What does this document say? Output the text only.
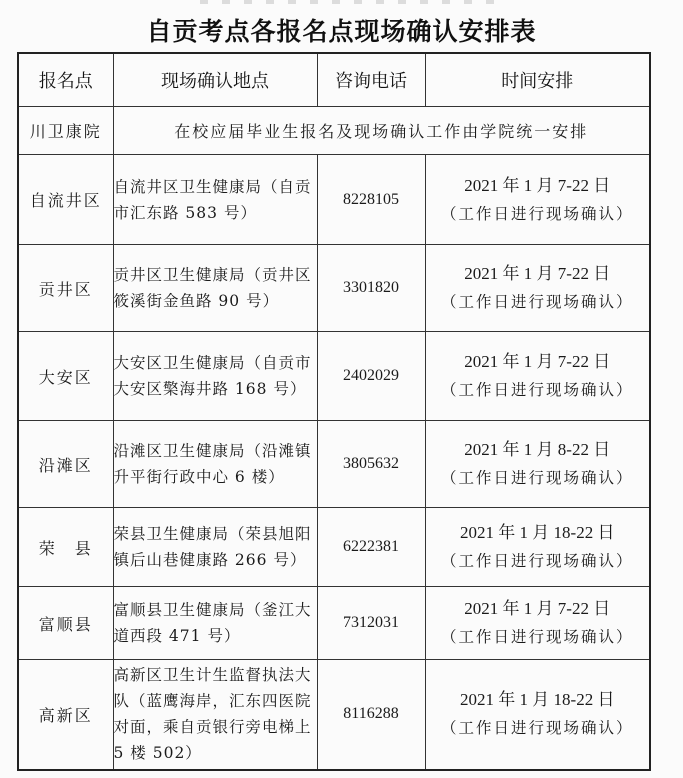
自贡考点各报名点现场确认安排表
报名点	现场确认地点	咨询电话	时间安排
川卫康院	在校应届毕业生报名及现场确认工作由学院统一安排		
自流井区	自流井区卫生健康局（自贡市汇东路 583 号）	8228105	2021 年 1 月 7-22 日
（工作日进行现场确认）

贡井区	贡井区卫生健康局（贡井区筱溪街金鱼路 90 号）	3301820	2021 年 1 月 7-22 日
（工作日进行现场确认）

大安区	大安区卫生健康局（自贡市大安区檠海井路 168 号）	2402029	2021 年 1 月 7-22 日
（工作日进行现场确认）

沿滩区	沿滩区卫生健康局（沿滩镇升平街行政中心 6 楼）	3805632	2021 年 1 月 8-22 日
（工作日进行现场确认）

荣　县	荣县卫生健康局（荣县旭阳镇后山巷健康路 266 号）	6222381	2021 年 1 月 18-22 日
（工作日进行现场确认）

富顺县	富顺县卫生健康局（釜江大道西段 471 号）	7312031	2021 年 1 月 7-22 日
（工作日进行现场确认）

高新区	高新区卫生计生监督执法大队（蓝鹰海岸，汇东四医院对面，乘自贡银行旁电梯上 5 楼 502）	8116288	2021 年 1 月 18-22 日
（工作日进行现场确认）
